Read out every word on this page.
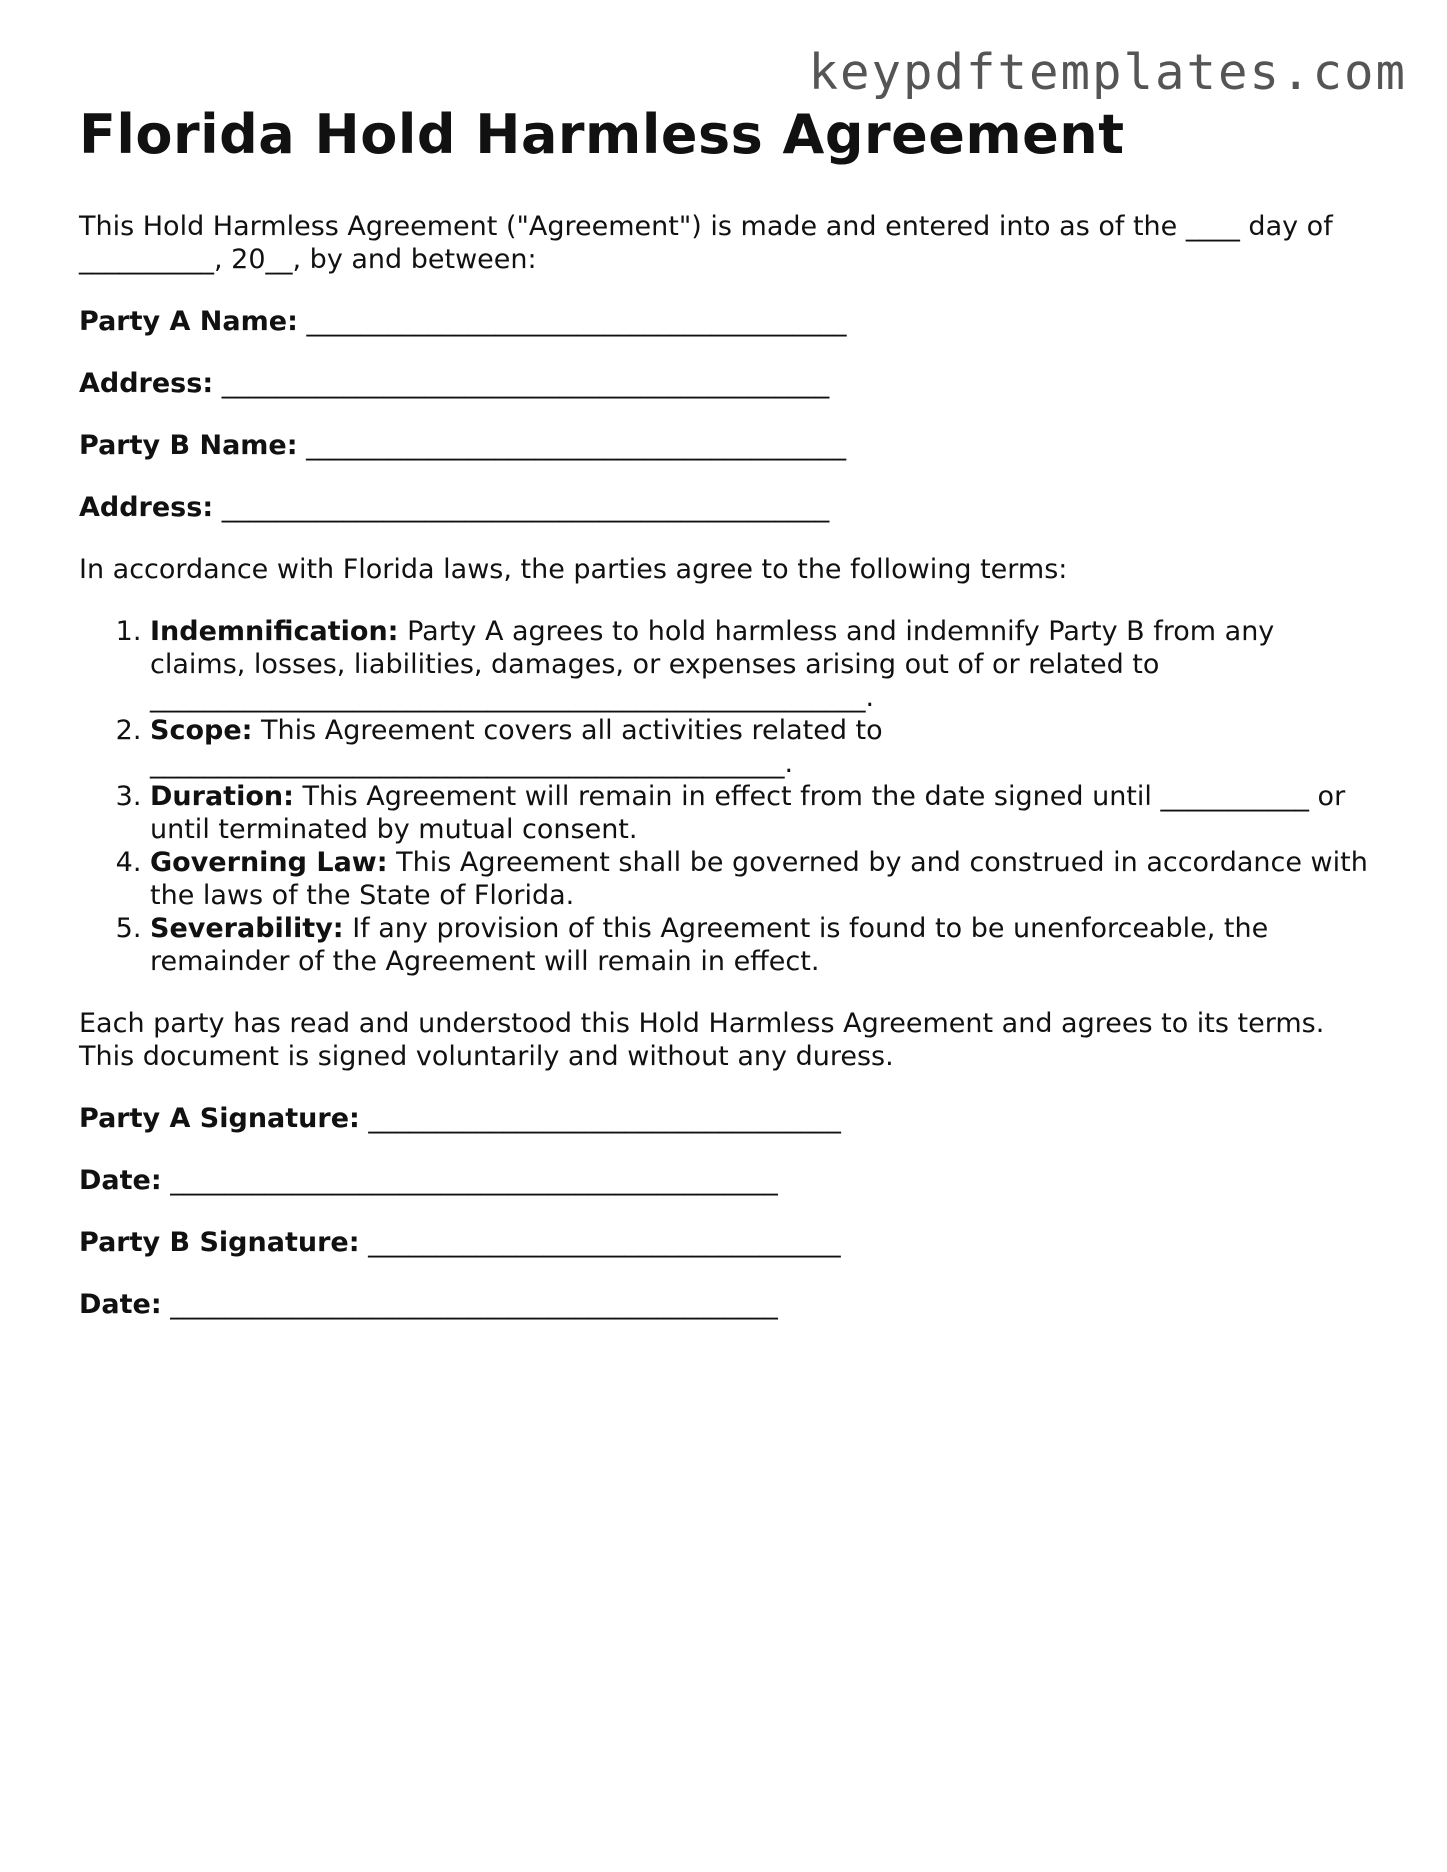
keypdftemplates.com
Florida Hold Harmless Agreement

This Hold Harmless Agreement ("Agreement") is made and entered into as of the ____ day of __________, 20__, by and between:

Party A Name: ________________________________________
Address: _____________________________________________
Party B Name: ________________________________________
Address: _____________________________________________

In accordance with Florida laws, the parties agree to the following terms:

1. Indemnification: Party A agrees to hold harmless and indemnify Party B from any claims, losses, liabilities, damages, or expenses arising out of or related to _____________________________________________________.
2. Scope: This Agreement covers all activities related to _______________________________________________.
3. Duration: This Agreement will remain in effect from the date signed until ___________ or until terminated by mutual consent.
4. Governing Law: This Agreement shall be governed by and construed in accordance with the laws of the State of Florida.
5. Severability: If any provision of this Agreement is found to be unenforceable, the remainder of the Agreement will remain in effect.

Each party has read and understood this Hold Harmless Agreement and agrees to its terms. This document is signed voluntarily and without any duress.

Party A Signature: ___________________________________
Date: _____________________________________________
Party B Signature: ___________________________________
Date: _____________________________________________
